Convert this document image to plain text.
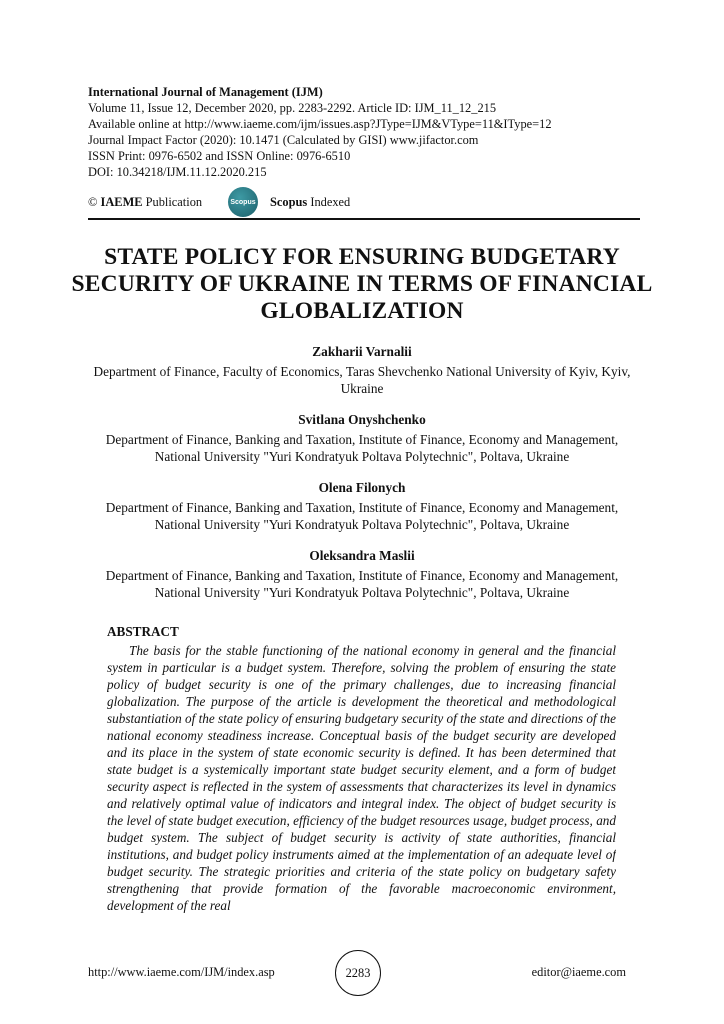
International Journal of Management (IJM)
Volume 11, Issue 12, December 2020, pp. 2283-2292. Article ID: IJM_11_12_215
Available online at http://www.iaeme.com/ijm/issues.asp?JType=IJM&VType=11&IType=12
Journal Impact Factor (2020): 10.1471 (Calculated by GISI) www.jifactor.com
ISSN Print: 0976-6502 and ISSN Online: 0976-6510
DOI: 10.34218/IJM.11.12.2020.215
© IAEME Publication	Scopus Scopus Indexed
STATE POLICY FOR ENSURING BUDGETARY SECURITY OF UKRAINE IN TERMS OF FINANCIAL GLOBALIZATION
Zakharii Varnalii
Department of Finance, Faculty of Economics, Taras Shevchenko National University of Kyiv, Kyiv, Ukraine
Svitlana Onyshchenko
Department of Finance, Banking and Taxation, Institute of Finance, Economy and Management, National University "Yuri Kondratyuk Poltava Polytechnic", Poltava, Ukraine
Olena Filonych
Department of Finance, Banking and Taxation, Institute of Finance, Economy and Management, National University "Yuri Kondratyuk Poltava Polytechnic", Poltava, Ukraine
Oleksandra Maslii
Department of Finance, Banking and Taxation, Institute of Finance, Economy and Management, National University "Yuri Kondratyuk Poltava Polytechnic", Poltava, Ukraine
ABSTRACT
The basis for the stable functioning of the national economy in general and the financial system in particular is a budget system. Therefore, solving the problem of ensuring the state policy of budget security is one of the primary challenges, due to increasing financial globalization. The purpose of the article is development the theoretical and methodological substantiation of the state policy of ensuring budgetary security of the state and directions of the national economy steadiness increase. Conceptual basis of the budget security are developed and its place in the system of state economic security is defined. It has been determined that state budget is a systemically important state budget security element, and a form of budget security aspect is reflected in the system of assessments that characterizes its level in dynamics and relatively optimal value of indicators and integral index. The object of budget security is the level of state budget execution, efficiency of the budget resources usage, budget process, and budget system. The subject of budget security is activity of state authorities, financial institutions, and budget policy instruments aimed at the implementation of an adequate level of budget security. The strategic priorities and criteria of the state policy on budgetary safety strengthening that provide formation of the favorable macroeconomic environment, development of the real
http://www.iaeme.com/IJM/index.asp	2283	editor@iaeme.com
